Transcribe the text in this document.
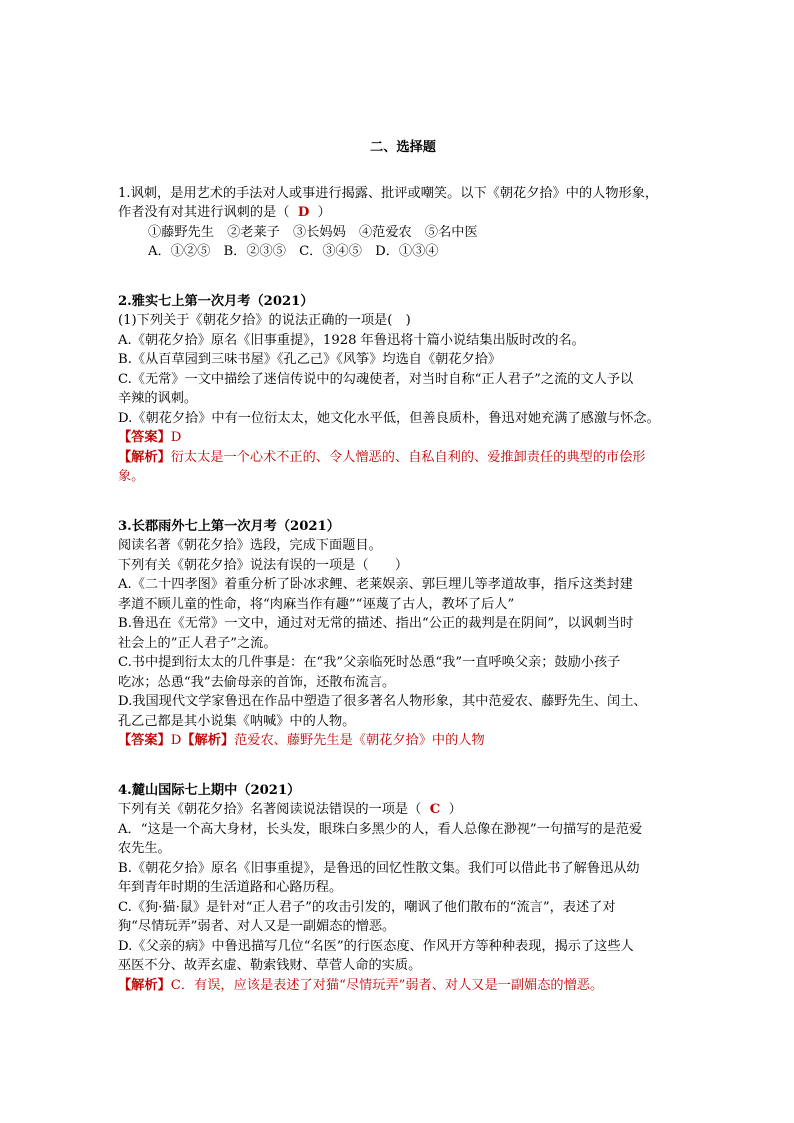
二、选择题
1.讽刺，是用艺术的手法对人或事进行揭露、批评或嘲笑。以下《朝花夕拾》中的人物形象，
作者没有对其进行讽刺的是（ D ）
①藤野先生　②老莱子　③长妈妈　④范爱农　⑤名中医
A．①②⑤　B．②③⑤　C．③④⑤　D．①③④
2.雅实七上第一次月考（2021）
(1)下列关于《朝花夕拾》的说法正确的一项是(　)
A.《朝花夕拾》原名《旧事重提》，1928 年鲁迅将十篇小说结集出版时改的名。
B.《从百草园到三味书屋》《孔乙己》《风筝》均选自《朝花夕拾》
C.《无常》一文中描绘了迷信传说中的勾魂使者，对当时自称“正人君子”之流的文人予以
辛辣的讽刺。
D.《朝花夕拾》中有一位衍太太，她文化水平低，但善良质朴，鲁迅对她充满了感激与怀念。
【答案】D
【解析】衍太太是一个心术不正的、令人憎恶的、自私自利的、爱推卸责任的典型的市侩形
象。
3.长郡雨外七上第一次月考（2021）
阅读名著《朝花夕拾》选段，完成下面题目。
下列有关《朝花夕拾》说法有误的一项是（　　）
A.《二十四孝图》着重分析了卧冰求鲤、老莱娱亲、郭巨埋儿等孝道故事，指斥这类封建
孝道不顾儿童的性命，将“肉麻当作有趣”“诬蔑了古人，教坏了后人”
B.鲁迅在《无常》一文中，通过对无常的描述、指出“公正的裁判是在阴间”，以讽刺当时
社会上的”正人君子”之流。
C.书中提到衍太太的几件事是：在“我”父亲临死时怂恿“我”一直呼唤父亲；鼓励小孩子
吃冰；怂恿“我”去偷母亲的首饰，还散布流言。
D.我国现代文学家鲁迅在作品中塑造了很多著名人物形象，其中范爱农、藤野先生、闰土、
孔乙己都是其小说集《呐喊》中的人物。
【答案】D【解析】范爱农、藤野先生是《朝花夕拾》中的人物
4.麓山国际七上期中（2021）
下列有关《朝花夕拾》名著阅读说法错误的一项是（ C ）
A．“这是一个高大身材，长头发，眼珠白多黑少的人，看人总像在渺视”一句描写的是范爱
农先生。
B.《朝花夕拾》原名《旧事重提》，是鲁迅的回忆性散文集。我们可以借此书了解鲁迅从幼
年到青年时期的生活道路和心路历程。
C.《狗·猫·鼠》是针对“正人君子”的攻击引发的，嘲讽了他们散布的“流言”，表述了对
狗“尽情玩弄”弱者、对人又是一副媚态的憎恶。
D.《父亲的病》中鲁迅描写几位“名医”的行医态度、作风开方等种种表现，揭示了这些人
巫医不分、故弄玄虚、勒索钱财、草菅人命的实质。
【解析】C．有误，应该是表述了对猫“尽情玩弄”弱者、对人又是一副媚态的憎恶。
